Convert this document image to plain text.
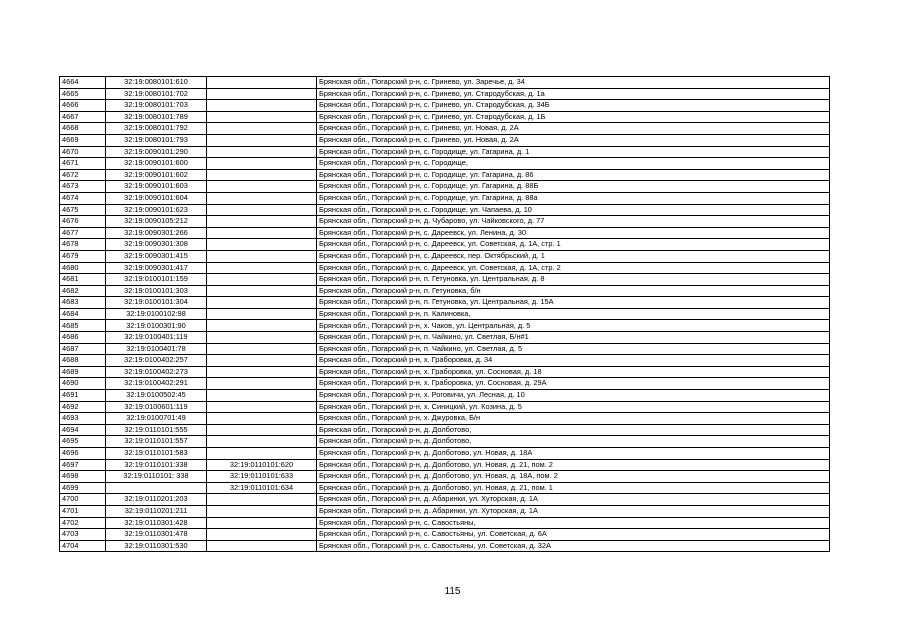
4664	32:19:0080101:610		Брянская обл., Погарский р-н, с. Гринево, ул. Заречье, д. 34
4665	32:19:0080101:702		Брянская обл., Погарский р-н, с. Гринево, ул. Стародубская, д. 1а
4666	32:19:0080101:703		Брянская обл., Погарский р-н, с. Гринево, ул. Стародубская, д. 34Б
4667	32:19:0080101:789		Брянская обл., Погарский р-н, с. Гринево, ул. Стародубская, д. 1Б
4668	32:19:0080101:792		Брянская обл., Погарский р-н, с. Гринево, ул. Новая, д. 2А
4669	32:19:0080101:793		Брянская обл., Погарский р-н, с. Гринево, ул. Новая, д. 2А
4670	32:19:0090101:290		Брянская обл., Погарский р-н, с. Городище, ул. Гагарина, д. 1
4671	32:19:0090101:600		Брянская обл., Погарский р-н, с. Городище,
4672	32:19:0090101:602		Брянская обл., Погарский р-н, с. Городище, ул. Гагарина, д. 86
4673	32:19:0090101:603		Брянская обл., Погарский р-н, с. Городище, ул. Гагарина, д. 88Б
4674	32:19:0090101:604		Брянская обл., Погарский р-н, с. Городище, ул. Гагарина, д. 88а
4675	32:19:0090101:623		Брянская обл., Погарский р-н, с. Городище, ул. Чапаева, д. 10
4676	32:19:0090105:212		Брянская обл., Погарский р-н, д. Чубарово, ул. Чайковского, д. 77
4677	32:19:0090301:266		Брянская обл., Погарский р-н, с. Дареевск, ул. Ленина, д. 30
4678	32:19:0090301:308		Брянская обл., Погарский р-н, с. Дареевск, ул. Советская, д. 1А, стр. 1
4679	32:19:0090301:415		Брянская обл., Погарский р-н, с. Дареевск, пер. Октябрьский, д. 1
4680	32:19:0090301:417		Брянская обл., Погарский р-н, с. Дареевск, ул. Советская, д. 1А, стр. 2
4681	32:19:0100101:159		Брянская обл., Погарский р-н, п. Гетуновка, ул. Центральная, д. 8
4682	32:19:0100101:303		Брянская обл., Погарский р-н, п. Гетуновка, б/н
4683	32:19:0100101:304		Брянская обл., Погарский р-н, п. Гетуновка, ул. Центральная, д. 15А
4684	32:19:0100102:98		Брянская обл., Погарский р-н, п. Калиновка,
4685	32:19:0100301:90		Брянская обл., Погарский р-н, х. Чаков, ул. Центральная, д. 5
4686	32:19:0100401:119		Брянская обл., Погарский р-н, п. Чайкино, ул. Светлая, Б/н#1
4687	32:19:0100401:78		Брянская обл., Погарский р-н, п. Чайкино, ул. Светлая, д. 5
4688	32:19:0100402:257		Брянская обл., Погарский р-н, х. Граборовка, д. 34
4689	32:19:0100402:273		Брянская обл., Погарский р-н, х. Граборовка, ул. Сосновая, д. 18
4690	32:19:0100402:291		Брянская обл., Погарский р-н, х. Граборовка, ул. Сосновая, д. 29А
4691	32:19:0100502:45		Брянская обл., Погарский р-н, х. Роговичи, ул. Лесная, д. 10
4692	32:19:0100601:119		Брянская обл., Погарский р-н, х. Синицкий, ул. Козина, д. 5
4693	32:19:0100701:49		Брянская обл., Погарский р-н, х. Джуровка, Б/н
4694	32:19:0110101:555		Брянская обл., Погарский р-н, д. Долботово,
4695	32:19:0110101:557		Брянская обл., Погарский р-н, д. Долботово,
4696	32:19:0110101:583		Брянская обл., Погарский р-н, д. Долботово, ул. Новая, д. 18А
4697	32:19:0110101:338	32:19:0110101:620	Брянская обл., Погарский р-н, д. Долботово, ул. Новая, д. 21, пом. 2
4698	32:19:0110101: 338	32:19:0110101:633	Брянская обл., Погарский р-н, д. Долботово, ул. Новая, д. 18А, пом. 2
4699		32:19:0110101:634	Брянская обл., Погарский р-н, д. Долботово, ул. Новая, д. 21, пом. 1
4700	32:19:0110201:203		Брянская обл., Погарский р-н, д. Абаринки, ул. Хуторская, д. 1А
4701	32:19:0110201:211		Брянская обл., Погарский р-н, д. Абаринки, ул. Хуторская, д. 1А
4702	32:19:0110301:428		Брянская обл., Погарский р-н, с. Савостьяны,
4703	32:19:0110301:478		Брянская обл., Погарский р-н, с. Савостьяны, ул. Советская, д. 6А
4704	32:19:0110301:530		Брянская обл., Погарский р-н, с. Савостьяны, ул. Советская, д. 32А
115
